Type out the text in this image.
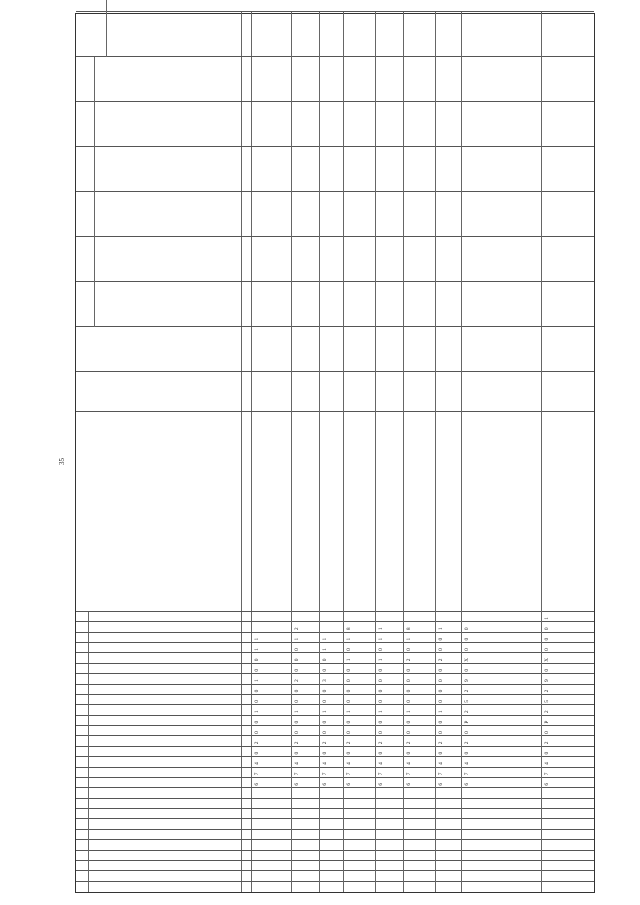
35
6
7
4
0
2
0
0
1
0
0
1
0
0
1
1
6
7
4
0
2
0
0
1
0
0
2
0
0
0
1
2
6
7
4
0
2
0
0
1
0
0
3
0
0
1
1
6
7
4
0
2
0
0
1
0
0
0
0
1
0
1
8
6
7
4
0
2
0
0
1
0
0
0
0
1
0
1
1
6
7
4
0
2
0
0
1
0
0
0
0
2
0
1
8
6
7
4
0
2
0
0
1
0
0
0
0
2
0
0
1
6
7
4
0
2
0
Р
2
5
2
9
0
X
0
0
0
6
7
4
0
2
0
Р
2
5
2
9
0
X
0
0
0
1
